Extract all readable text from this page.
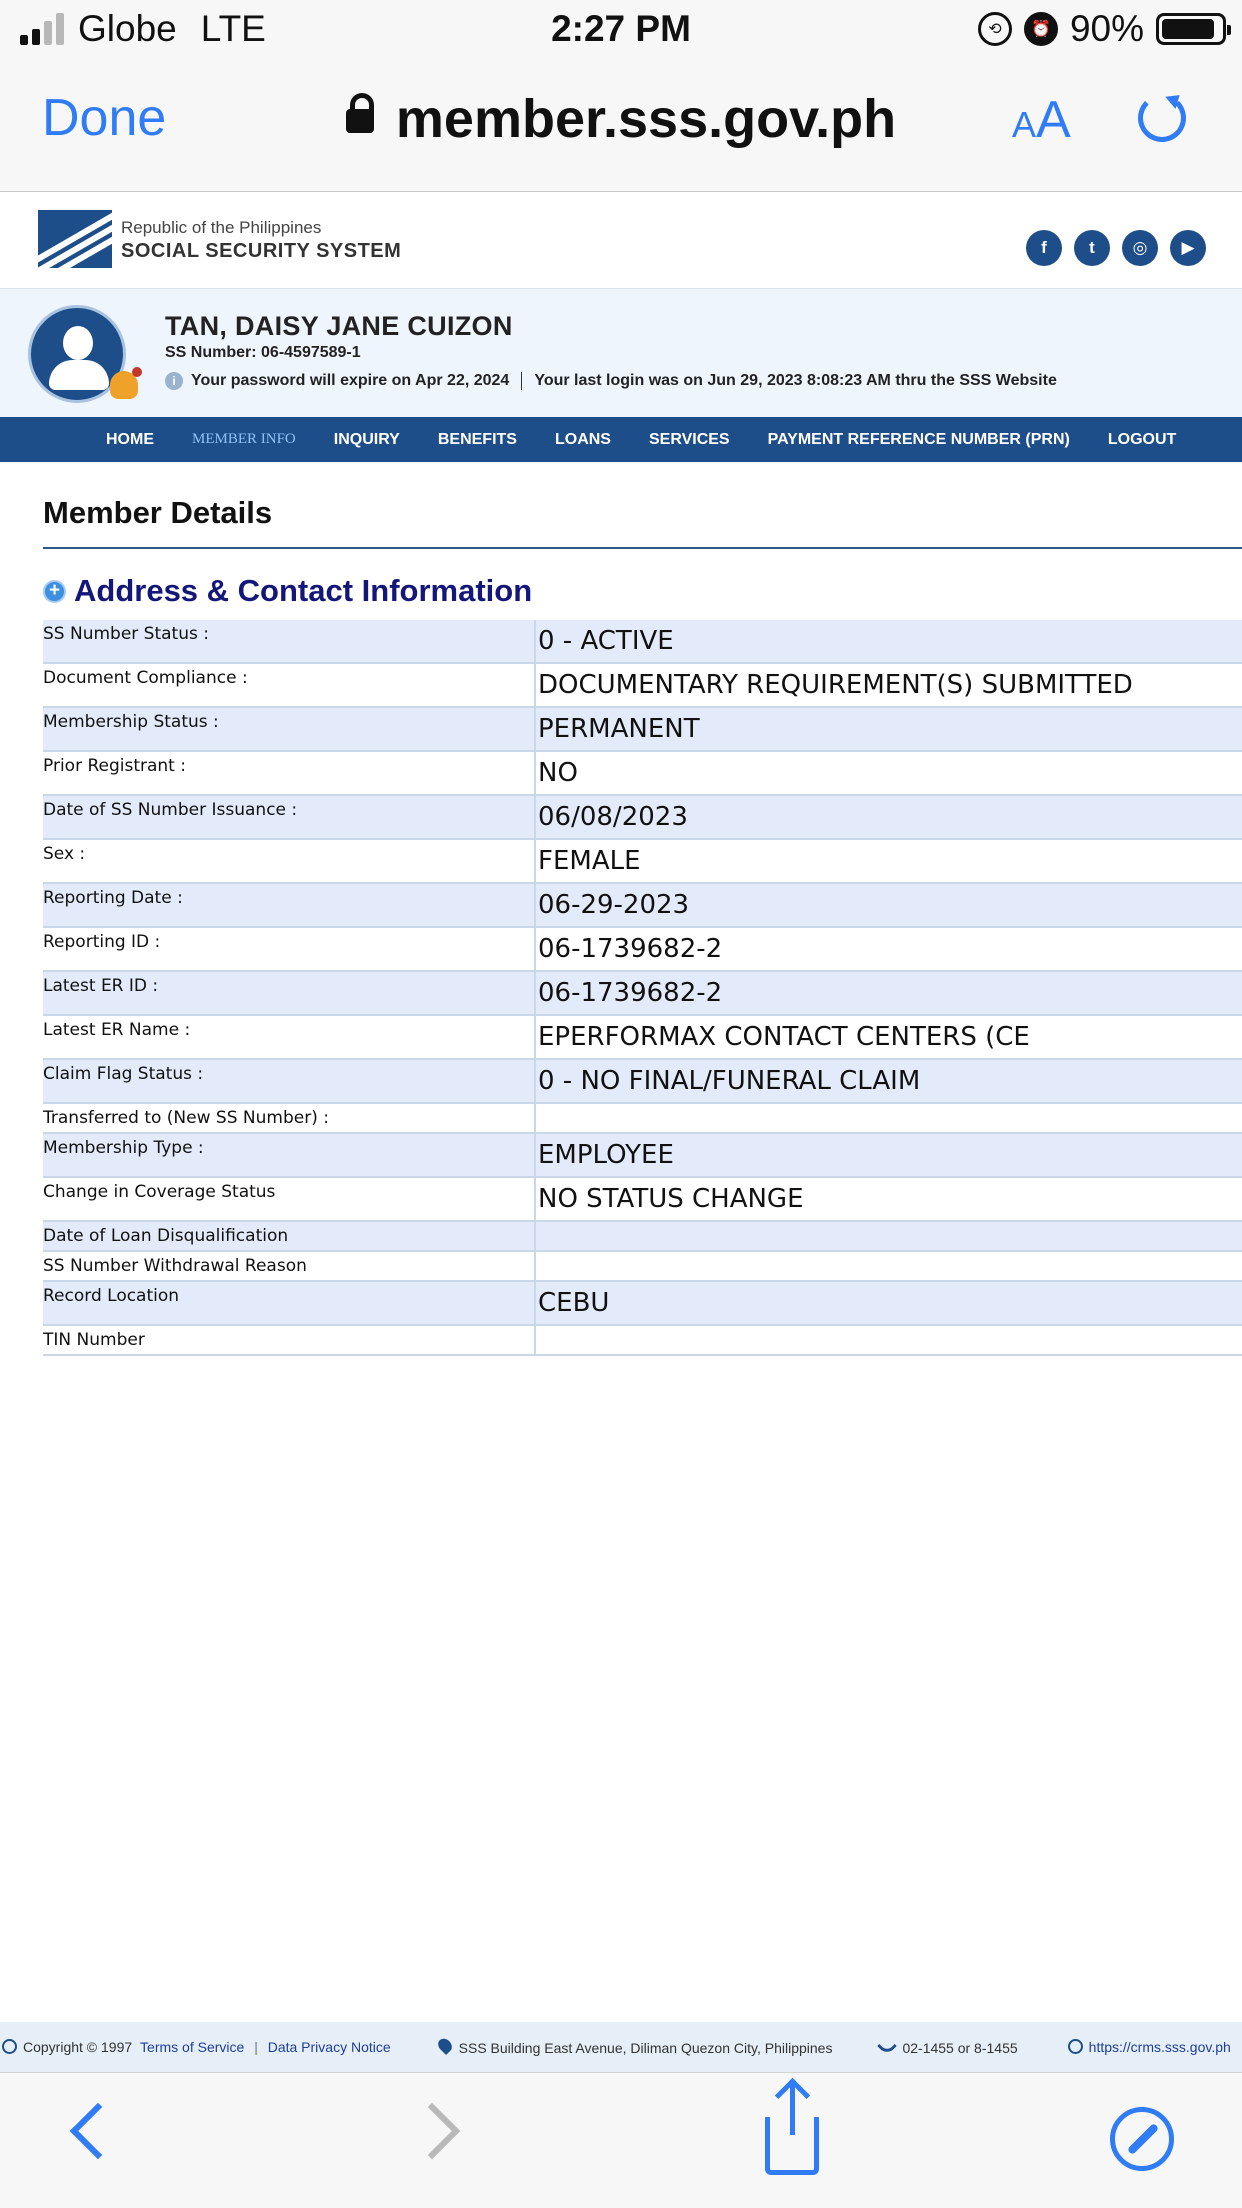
Globe LTE	2:27 PM	⟲	⏰ 90%
Done	member.sss.gov.ph	AA
Republic of the Philippines
SOCIAL SECURITY SYSTEM	f	t	◎	▶
TAN, DAISY JANE CUIZON
SS Number: 06-4597589-1
i Your password will expire on Apr 22, 2024 Your last login was on Jun 29, 2023 8:08:23 AM thru the SSS Website
HOME	MEMBER INFO INQUIRY BENEFITS LOANS SERVICES PAYMENT REFERENCE NUMBER (PRN) LOGOUT
Member Details
+ Address & Contact Information
SS Number Status :	0 - ACTIVE
Document Compliance :	DOCUMENTARY REQUIREMENT(S) SUBMITTED
Membership Status :	PERMANENT
Prior Registrant :	NO
Date of SS Number Issuance :	06/08/2023
Sex :	FEMALE
Reporting Date :	06-29-2023
Reporting ID :	06-1739682-2
Latest ER ID :	06-1739682-2
Latest ER Name :	EPERFORMAX CONTACT CENTERS (CE
Claim Flag Status :	0 - NO FINAL/FUNERAL CLAIM
Transferred to (New SS Number) :
Membership Type :	EMPLOYEE
Change in Coverage Status	NO STATUS CHANGE
Date of Loan Disqualification
SS Number Withdrawal Reason
Record Location	CEBU
TIN Number
Copyright © 1997 Terms of Service | Data Privacy Notice	SSS Building East Avenue, Diliman Quezon City, Philippines	02-1455 or 8-1455	https://crms.sss.gov.ph
